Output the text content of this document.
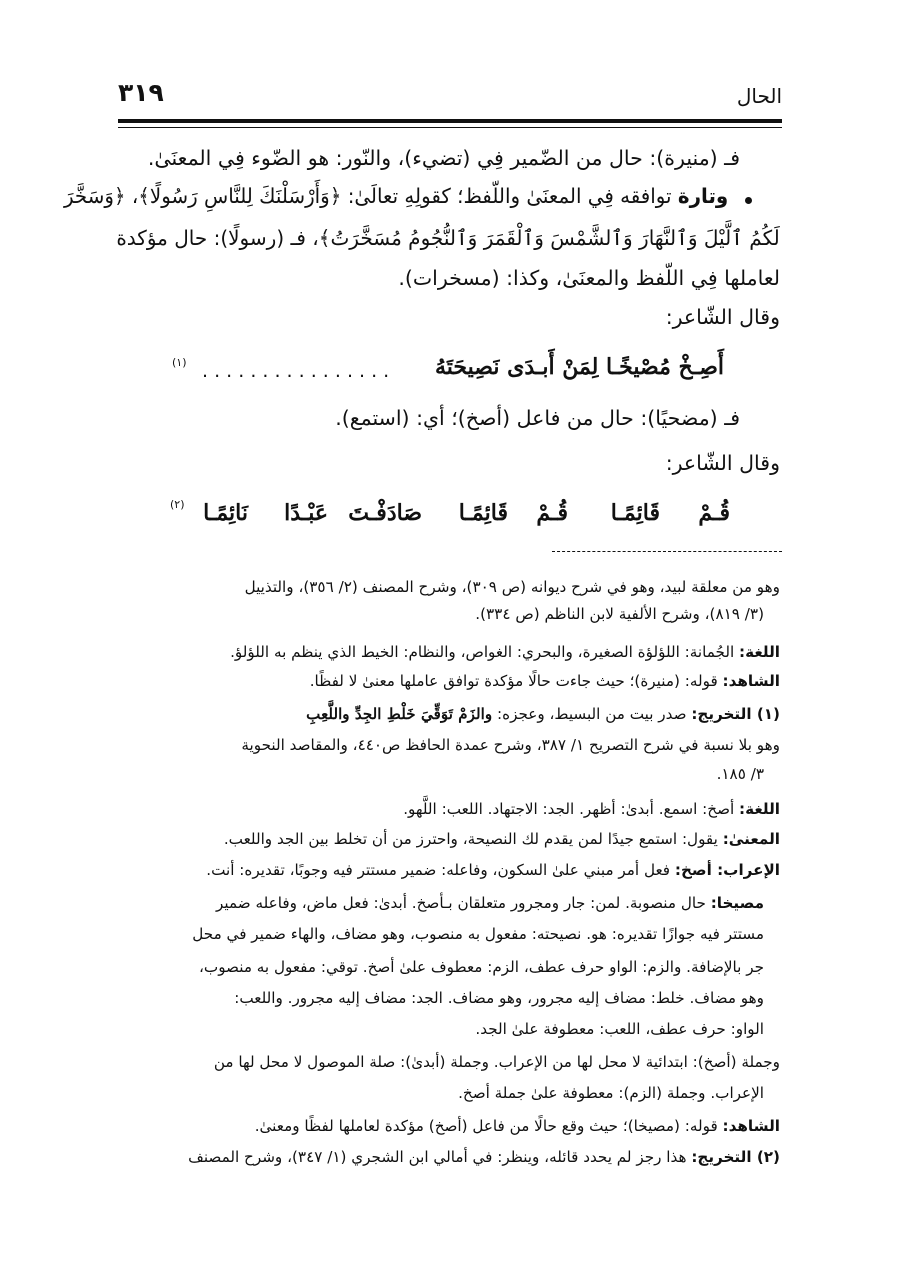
٣١٩	الحال
فـ (منيرة): حال من الضّمير فِي (تضيء)، والنّور: هو الضّوء فِي المعنَىٰ.
وتارة توافقه فِي المعنَىٰ واللّفظ؛ كقولِهِ تعالَىٰ: ﴿وَأَرْسَلْنَكَ لِلنَّاسِ رَسُولًا﴾، ﴿وَسَخَّرَ
لَكُمُ ٱلَّيْلَ وَٱلنَّهَارَ وَٱلشَّمْسَ وَٱلْقَمَرَ وَٱلنُّجُومُ مُسَخَّرَتُ﴾، فـ (رسولًا): حال مؤكدة
لعاملها فِي اللّفظ والمعنَىٰ، وكذا: (مسخرات).
وقال الشّاعر:
أَصِـخْ مُصْيخًـا لِمَنْ أَبـدَى نَصِيحَتَهُ
. . . . . . . . . . . . . . . .
(١)
فـ (مضحيًا): حال من فاعل (أصخ)؛ أي: (استمع).
وقال الشّاعر:
قُـمْ
قَائِمًـا
قُـمْ
قَائِمًـا
صَادَفْـتَ
عَبْـدًا
نَائِمًـا
(٢)
وهو من معلقة لبيد، وهو في شرح ديوانه (ص ٣٠٩)، وشرح المصنف (٢/ ٣٥٦)، والتذييل
(٣/ ٨١٩)، وشرح الألفية لابن الناظم (ص ٣٣٤).
اللغة: الجُمانة: اللؤلؤة الصغيرة، والبحري: الغواص، والنظام: الخيط الذي ينظم به اللؤلؤ.
الشاهد: قوله: (منيرة)؛ حيث جاءت حالًا مؤكدة توافق عاملها معنىٰ لا لفظًا.
(١) التخريج: صدر بيت من البسيط، وعجزه: والزَمْ تَوَقِّيَ خَلْطِ الجِدِّ واللَّعِبِ
وهو بلا نسبة في شرح التصريح ١/ ٣٨٧، وشرح عمدة الحافظ ص٤٤٠، والمقاصد النحوية
٣/ ١٨٥.
اللغة: أصخ: اسمع. أبدىٰ: أظهر. الجد: الاجتهاد. اللعب: اللَّهو.
المعنىٰ: يقول: استمع جيدًا لمن يقدم لك النصيحة، واحترز من أن تخلط بين الجد واللعب.
الإعراب: أصخ: فعل أمر مبني علىٰ السكون، وفاعله: ضمير مستتر فيه وجوبًا، تقديره: أنت.
مصيخا: حال منصوبة. لمن: جار ومجرور متعلقان بـأصخ. أبدىٰ: فعل ماض، وفاعله ضمير
مستتر فيه جوازًا تقديره: هو. نصيحته: مفعول به منصوب، وهو مضاف، والهاء ضمير في محل
جر بالإضافة. والزم: الواو حرف عطف، الزم: معطوف علىٰ أصخ. توقي: مفعول به منصوب،
وهو مضاف. خلط: مضاف إليه مجرور، وهو مضاف. الجد: مضاف إليه مجرور. واللعب:
الواو: حرف عطف، اللعب: معطوفة علىٰ الجد.
وجملة (أصخ): ابتدائية لا محل لها من الإعراب. وجملة (أبدىٰ): صلة الموصول لا محل لها من
الإعراب. وجملة (الزم): معطوفة علىٰ جملة أصخ.
الشاهد: قوله: (مصيخا)؛ حيث وقع حالًا من فاعل (أصخ) مؤكدة لعاملها لفظًا ومعنىٰ.
(٢) التخريج: هذا رجز لم يحدد قائله، وينظر: في أمالي ابن الشجري (١/ ٣٤٧)، وشرح المصنف
